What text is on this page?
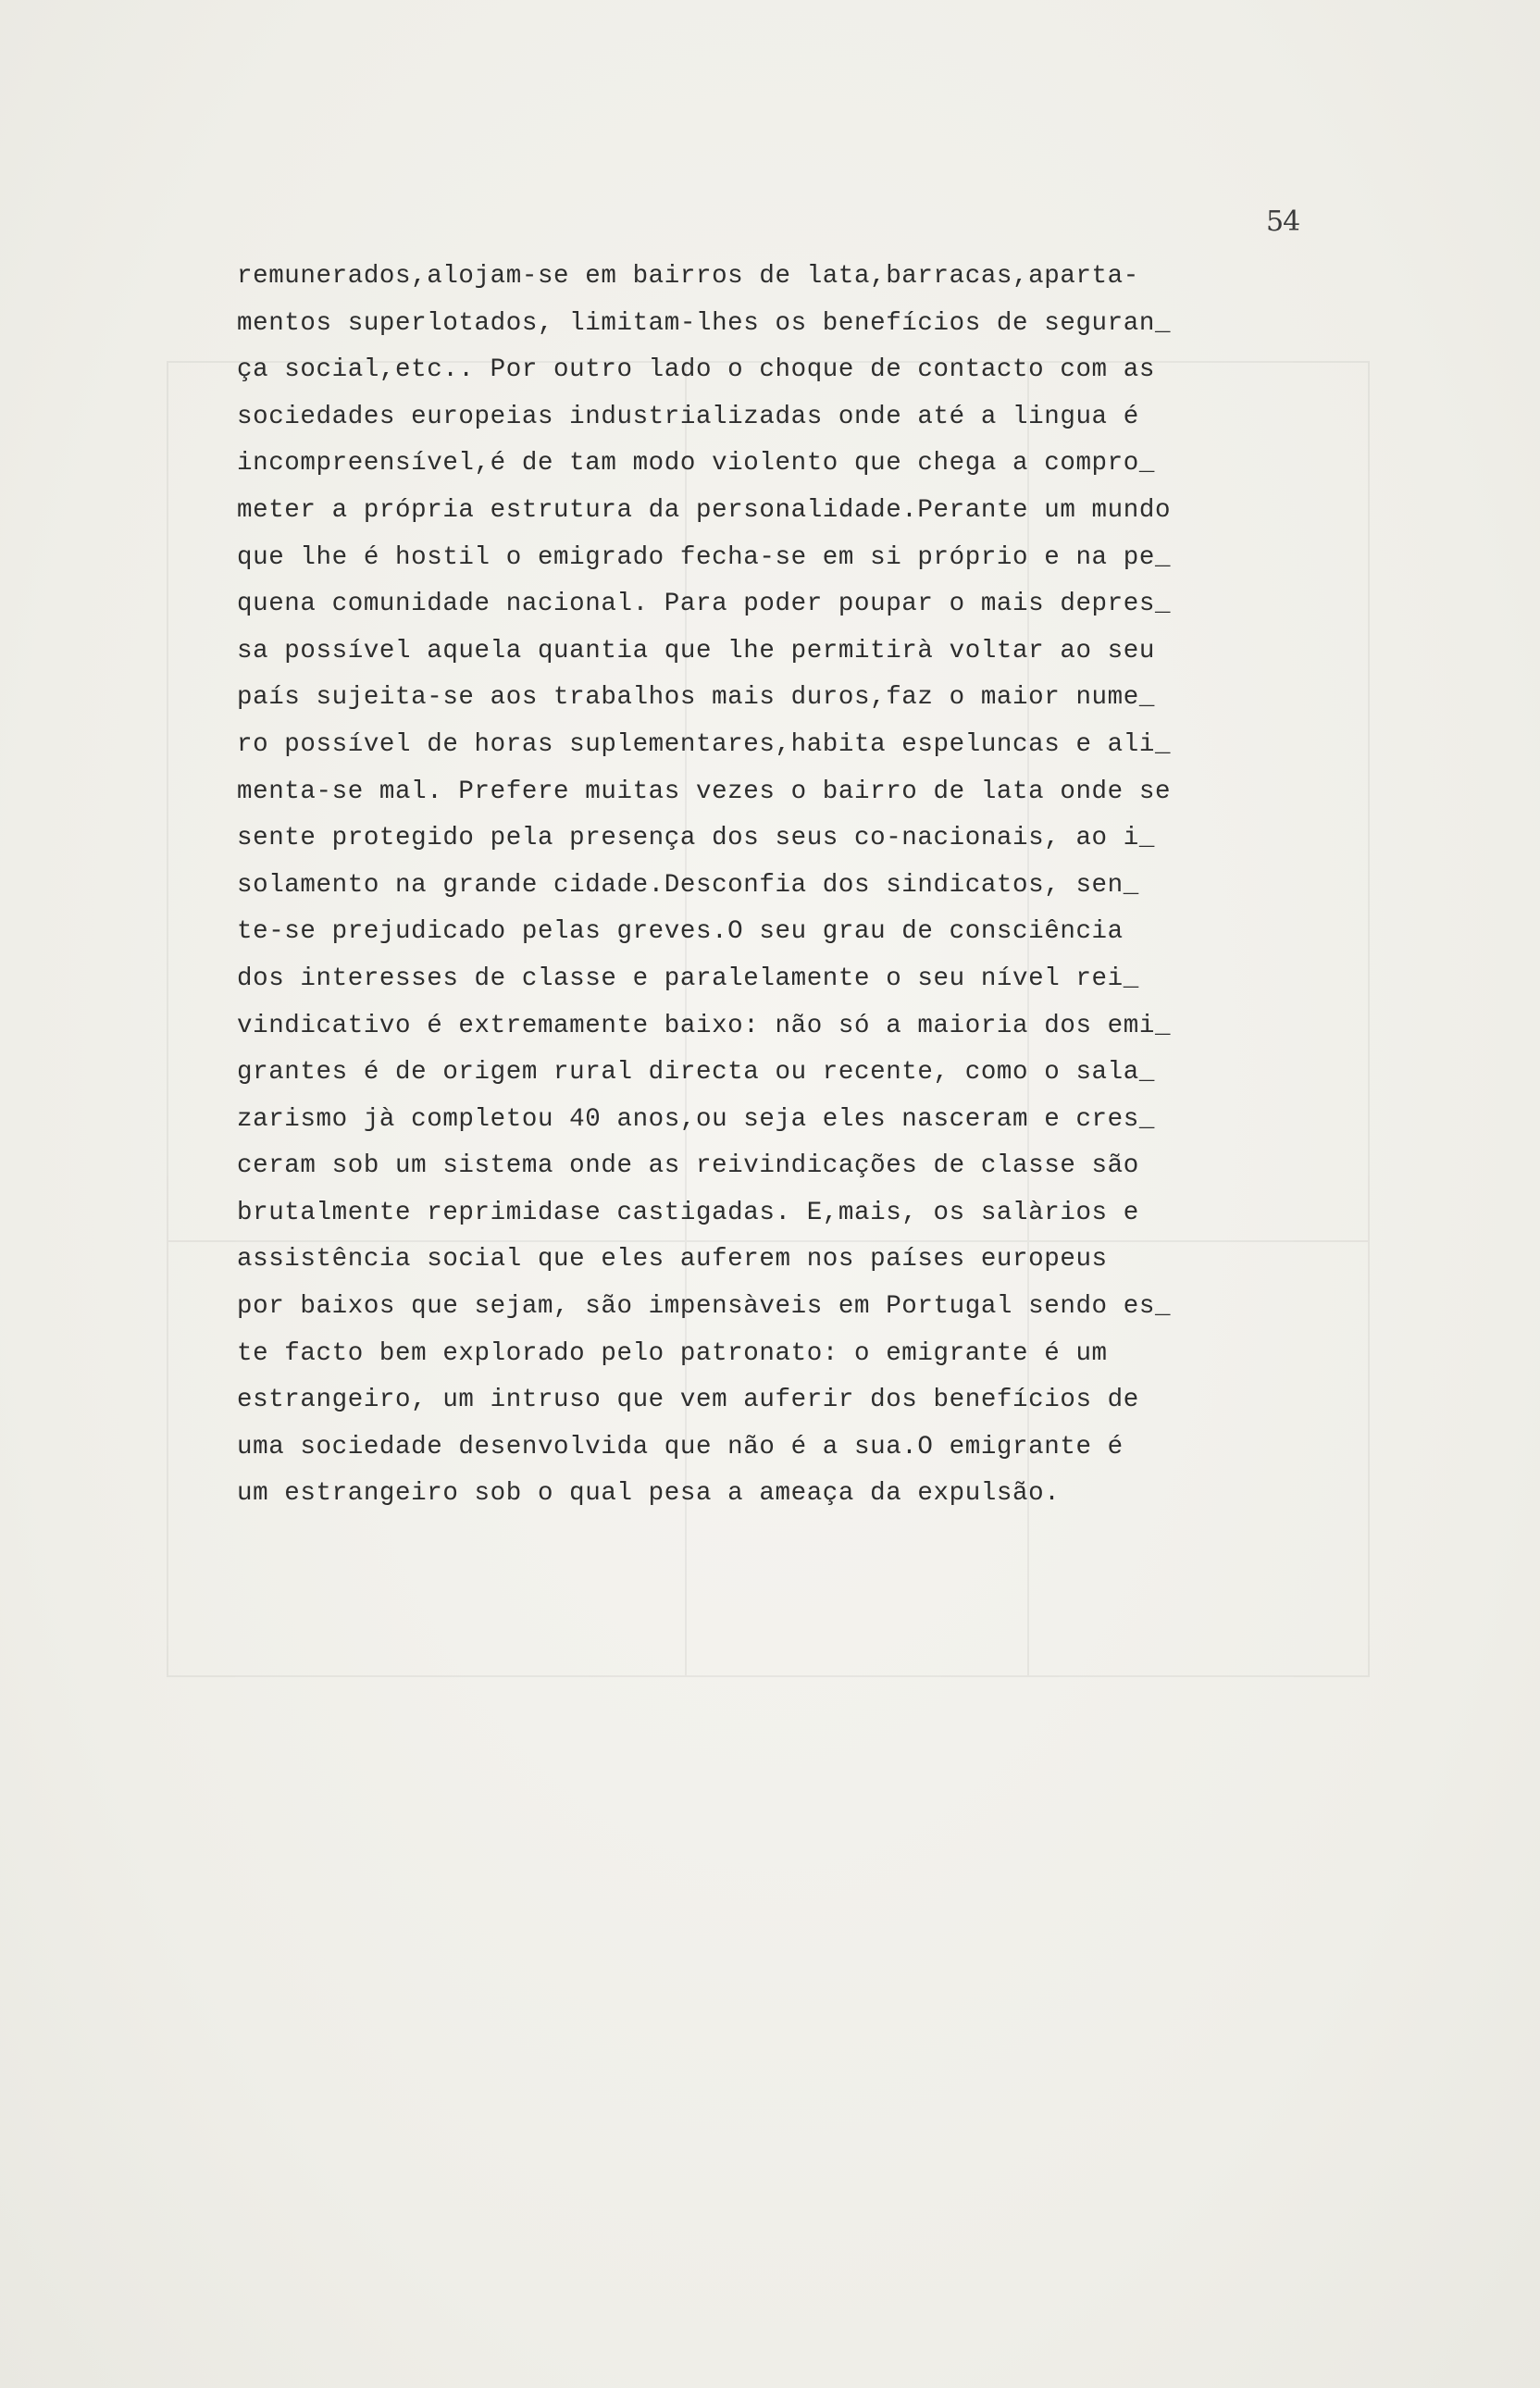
54
remunerados,alojam-se em bairros de lata,barracas,aparta-
mentos superlotados, limitam-lhes os benefícios de seguran_
ça social,etc.. Por outro lado o choque de contacto com as
sociedades europeias industrializadas onde até a lingua é
incompreensível,é de tam modo violento que chega a compro_
meter a própria estrutura da personalidade.Perante um mundo
que lhe é hostil o emigrado fecha-se em si próprio e na pe_
quena comunidade nacional. Para poder poupar o mais depres_
sa possível aquela quantia que lhe permitirà voltar ao seu
país sujeita-se aos trabalhos mais duros,faz o maior nume_
ro possível de horas suplementares,habita espeluncas e ali_
menta-se mal. Prefere muitas vezes o bairro de lata onde se
sente protegido pela presença dos seus co-nacionais, ao i_
solamento na grande cidade.Desconfia dos sindicatos, sen_
te-se prejudicado pelas greves.O seu grau de consciência
dos interesses de classe e paralelamente o seu nível rei_
vindicativo é extremamente baixo: não só a maioria dos emi_
grantes é de origem rural directa ou recente, como o sala_
zarismo jà completou 40 anos,ou seja eles nasceram e cres_
ceram sob um sistema onde as reivindicações de classe são
brutalmente reprimidase castigadas. E,mais, os salàrios e
assistência social que eles auferem nos países europeus
por baixos que sejam, são impensàveis em Portugal sendo es_
te facto bem explorado pelo patronato: o emigrante é um
estrangeiro, um intruso que vem auferir dos benefícios de
uma sociedade desenvolvida que não é a sua.O emigrante é
um estrangeiro sob o qual pesa a ameaça da expulsão.
